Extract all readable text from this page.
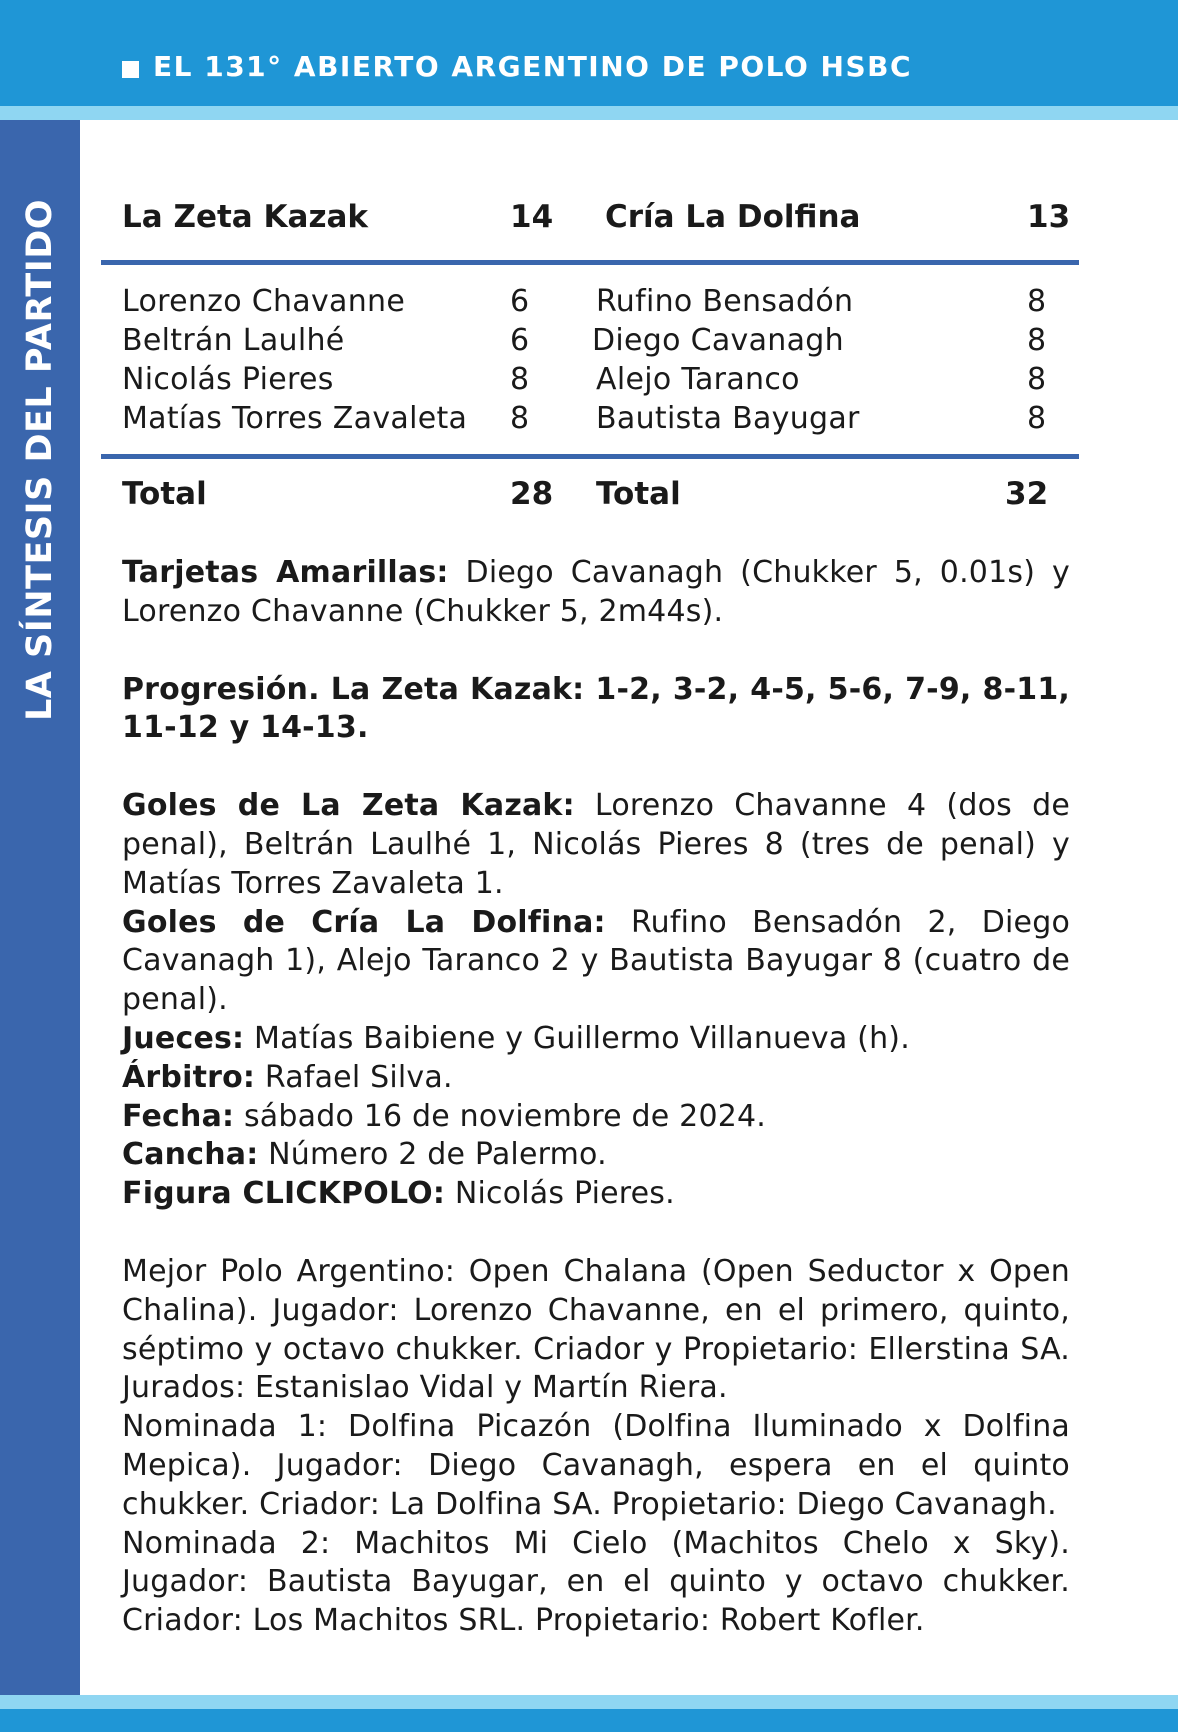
EL 131° ABIERTO ARGENTINO DE POLO HSBC
LA SÍNTESIS DEL PARTIDO La Zeta Kazak	14 Cría La Dolfina	13
Lorenzo Chavanne	6 Rufino Bensadón	8
Beltrán Laulhé	6 Diego Cavanagh	8
Nicolás Pieres	8 Alejo Taranco	8
Matías Torres Zavaleta 8 Bautista Bayugar	8
Total	28 Total	32

Tarjetas Amarillas: Diego Cavanagh (Chukker 5, 0.01s) y Lorenzo Chavanne (Chukker 5, 2m44s).

Progresión. La Zeta Kazak: 1-2, 3-2, 4-5, 5-6, 7-9, 8-11, 11-12 y 14-13.

Goles de La Zeta Kazak: Lorenzo Chavanne 4 (dos de penal), Beltrán Laulhé 1, Nicolás Pieres 8 (tres de penal) y Matías Torres Zavaleta 1.

Goles de Cría La Dolfina: Rufino Bensadón 2, Diego Cavanagh 1), Alejo Taranco 2 y Bautista Bayugar 8 (cuatro de penal).

Jueces: Matías Baibiene y Guillermo Villanueva (h).

Árbitro: Rafael Silva.

Fecha: sábado 16 de noviembre de 2024.

Cancha: Número 2 de Palermo.

Figura CLICKPOLO: Nicolás Pieres.

Mejor Polo Argentino: Open Chalana (Open Seductor x Open Chalina). Jugador: Lorenzo Chavanne, en el primero, quinto, séptimo y octavo chukker. Criador y Propietario: Ellerstina SA. Jurados: Estanislao Vidal y Martín Riera.

Nominada 1: Dolfina Picazón (Dolfina Iluminado x Dolfina Mepica). Jugador: Diego Cavanagh, espera en el quinto chukker. Criador: La Dolfina SA. Propietario: Diego Cavanagh.

Nominada 2: Machitos Mi Cielo (Machitos Chelo x Sky). Jugador: Bautista Bayugar, en el quinto y octavo chukker. Criador: Los Machitos SRL. Propietario: Robert Kofler.
